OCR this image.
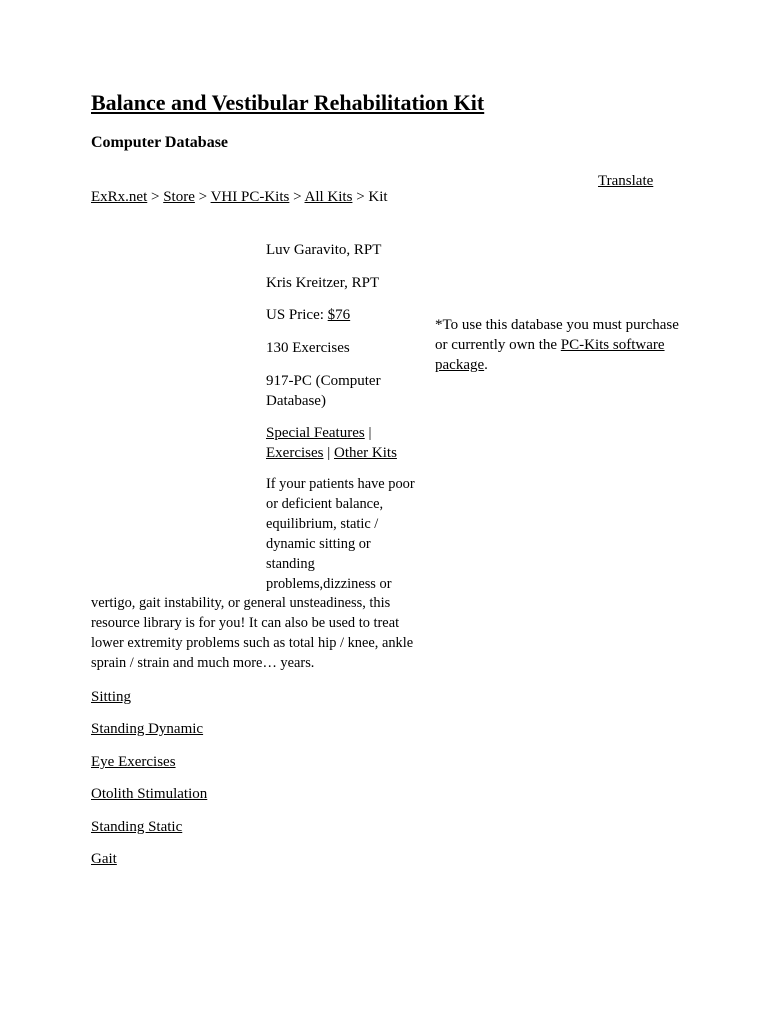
Balance and Vestibular Rehabilitation Kit
Computer Database
Translate
ExRx.net > Store > VHI PC-Kits > All Kits > Kit

Luv Garavito, RPT

Kris Kreitzer, RPT

US Price: $76

130 Exercises

917-PC (Computer Database)

Special Features | Exercises | Other Kits

If your patients have poor or deficient balance, equilibrium, static / dynamic sitting or standing problems,dizziness or vertigo, gait instability, or general unsteadiness, this resource library is for you! It can also be used to treat lower extremity problems such as total hip / knee, ankle sprain / strain and much more… years.
*To use this database you must purchase or currently own the PC-Kits software package.
Sitting
Standing Dynamic
Eye Exercises
Otolith Stimulation
Standing Static
Gait
